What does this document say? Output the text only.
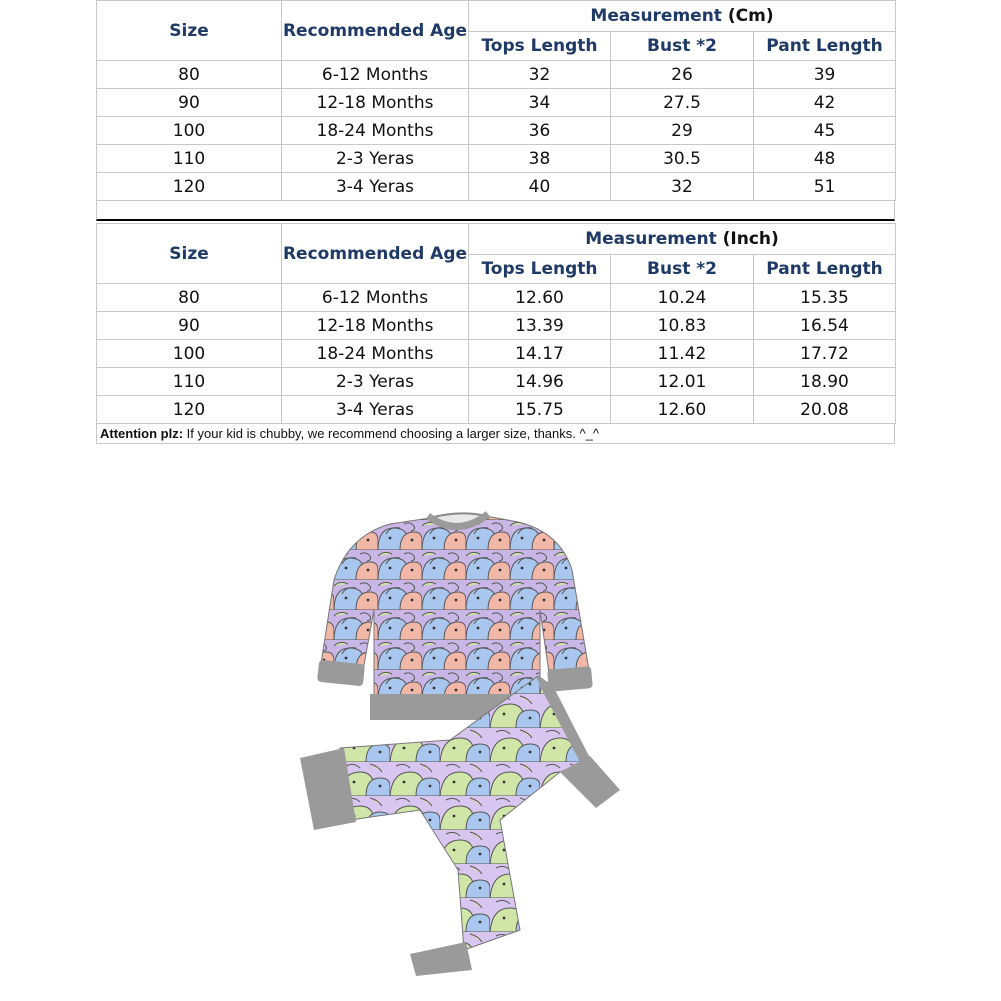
Size	Recommended Age	Measurement (Cm)		
		Tops Length	Bust *2	Pant Length
80	6-12 Months	32	26	39
90	12-18 Months	34	27.5	42
100	18-24 Months	36	29	45
110	2-3 Yeras	38	30.5	48
120	3-4 Yeras	40	32	51
Size	Recommended Age	Measurement (Inch)		
		Tops Length	Bust *2	Pant Length
80	6-12 Months	12.60	10.24	15.35
90	12-18 Months	13.39	10.83	16.54
100	18-24 Months	14.17	11.42	17.72
110	2-3 Yeras	14.96	12.01	18.90
120	3-4 Yeras	15.75	12.60	20.08
Attention plz: If your kid is chubby, we recommend choosing a larger size, thanks. ^_^
